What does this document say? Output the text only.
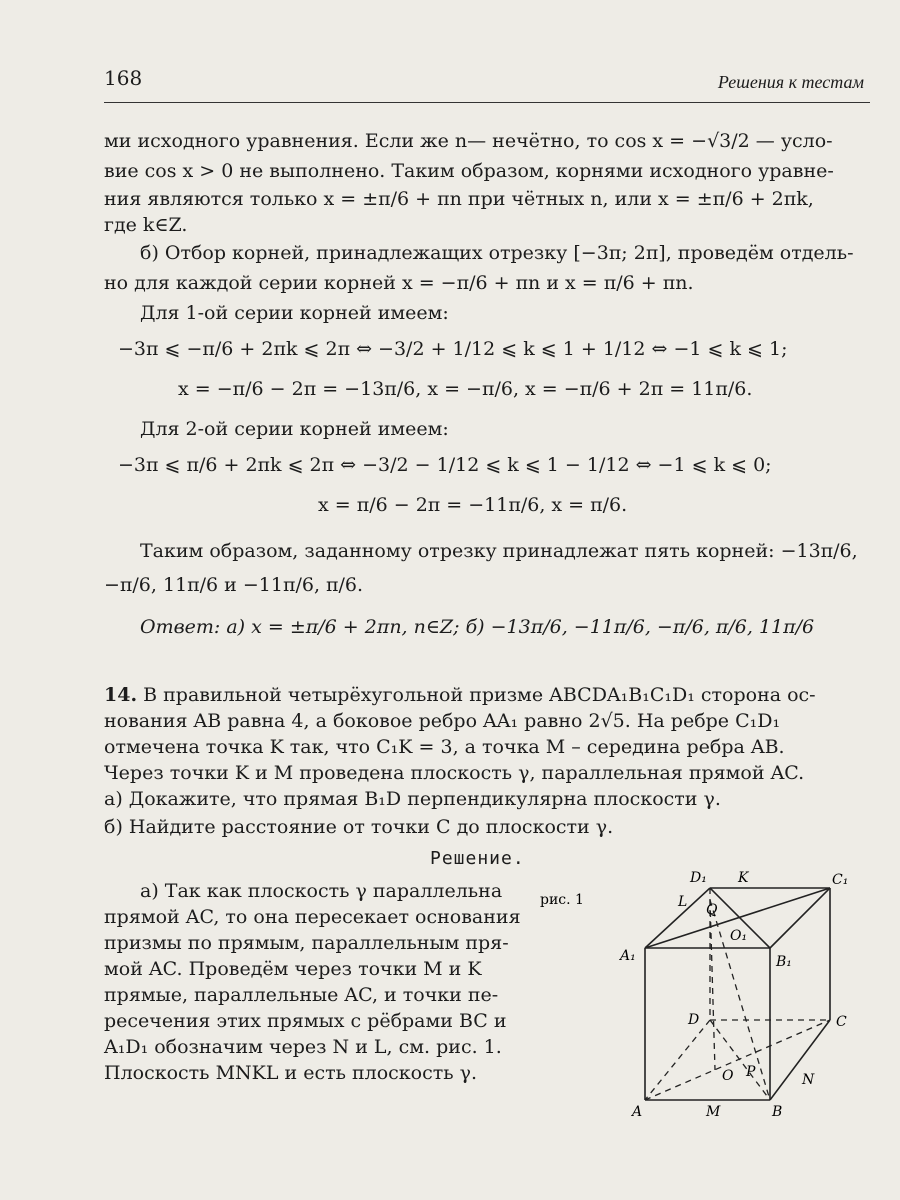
168	Решения к тестам
ми исходного уравнения. Если же n— нечётно, то cos x = −√3/2 — усло-
вие cos x > 0 не выполнено. Таким образом, корнями исходного уравне-
ния являются только x = ±π/6 + πn при чётных n, или x = ±π/6 + 2πk,
где k∈Z.
б) Отбор корней, принадлежащих отрезку [−3π; 2π], проведём отдель-
но для каждой серии корней x = −π/6 + πn и x = π/6 + πn.
Для 1-ой серии корней имеем:
−3π ⩽ −π/6 + 2πk ⩽ 2π ⇔ −3/2 + 1/12 ⩽ k ⩽ 1 + 1/12 ⇔ −1 ⩽ k ⩽ 1;
x = −π/6 − 2π = −13π/6, x = −π/6, x = −π/6 + 2π = 11π/6.
Для 2-ой серии корней имеем:
−3π ⩽ π/6 + 2πk ⩽ 2π ⇔ −3/2 − 1/12 ⩽ k ⩽ 1 − 1/12 ⇔ −1 ⩽ k ⩽ 0;
x = π/6 − 2π = −11π/6, x = π/6.
Таким образом, заданному отрезку принадлежат пять корней: −13π/6,
−π/6, 11π/6 и −11π/6, π/6.
Ответ: а) x = ±π/6 + 2πn, n∈Z; б) −13π/6, −11π/6, −π/6, π/6, 11π/6
14. В правильной четырёхугольной призме ABCDA₁B₁C₁D₁ сторона ос-
нования AB равна 4, а боковое ребро AA₁ равно 2√5. На ребре C₁D₁
отмечена точка K так, что C₁K = 3, а точка M – середина ребра AB.
Через точки K и M проведена плоскость γ, параллельная прямой AC.
а) Докажите, что прямая B₁D перпендикулярна плоскости γ.
б) Найдите расстояние от точки C до плоскости γ.
Решение.
а) Так как плоскость γ параллельна
прямой AC, то она пересекает основания
призмы по прямым, параллельным пря-
мой AC. Проведём через точки M и K
прямые, параллельные AC, и точки пе-
ресечения этих прямых с рёбрами BC и
A₁D₁ обозначим через N и L, см. рис. 1.
Плоскость MNKL и есть плоскость γ.
рис. 1
D₁ K	C₁
L Q
O₁
A₁	B₁
D	C
O P	N
A	M	B
